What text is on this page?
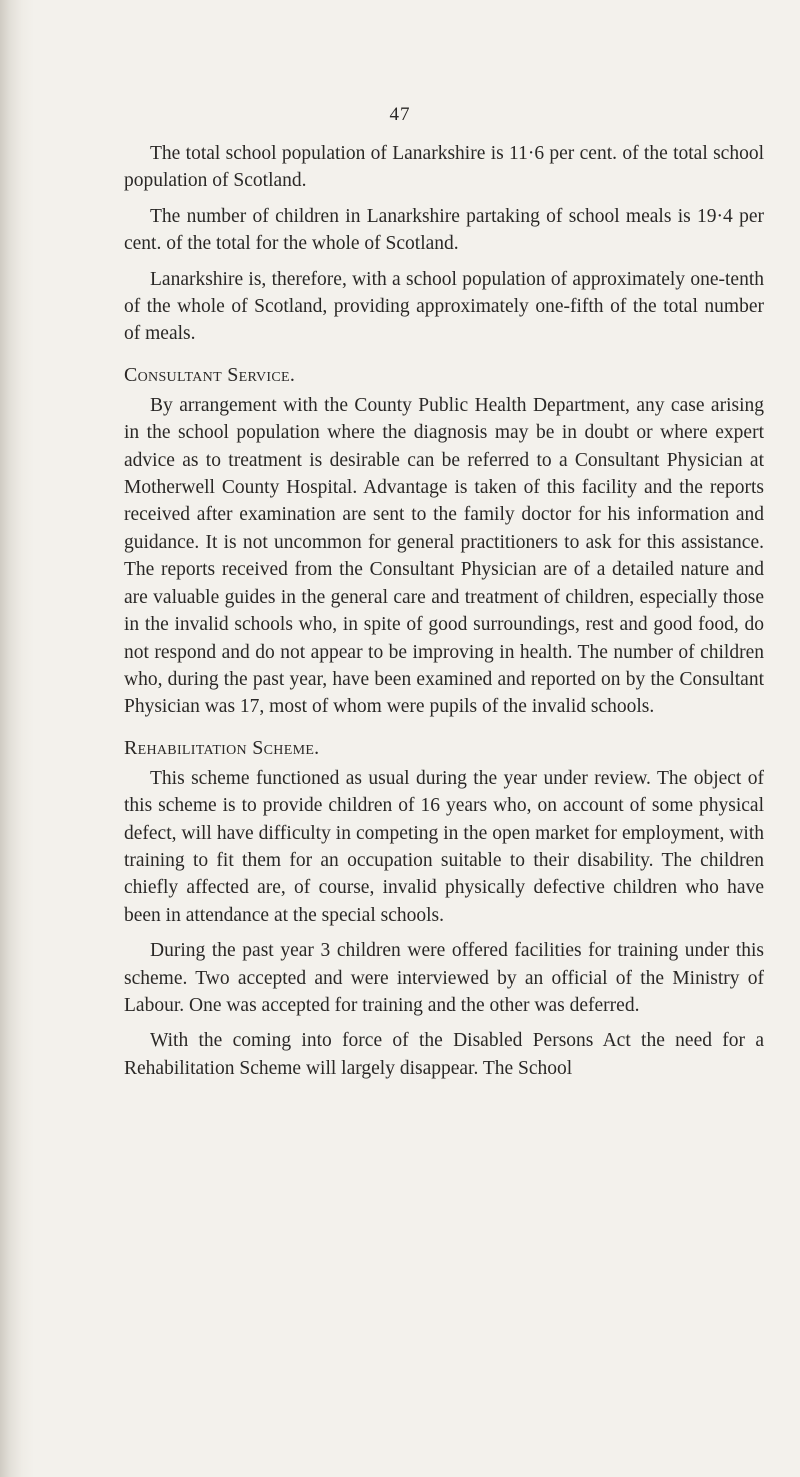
47

The total school population of Lanarkshire is 11·6 per cent. of the total school population of Scotland.

The number of children in Lanarkshire partaking of school meals is 19·4 per cent. of the total for the whole of Scotland.

Lanarkshire is, therefore, with a school population of approximately one-tenth of the whole of Scotland, providing approximately one-fifth of the total number of meals.

Consultant Service.

By arrangement with the County Public Health Department, any case arising in the school population where the diagnosis may be in doubt or where expert advice as to treatment is desirable can be referred to a Consultant Physician at Motherwell County Hospital. Advantage is taken of this facility and the reports received after examination are sent to the family doctor for his information and guidance. It is not uncommon for general practitioners to ask for this assistance. The reports received from the Consultant Physician are of a detailed nature and are valuable guides in the general care and treatment of children, especially those in the invalid schools who, in spite of good surroundings, rest and good food, do not respond and do not appear to be improving in health. The number of children who, during the past year, have been examined and reported on by the Consultant Physician was 17, most of whom were pupils of the invalid schools.

Rehabilitation Scheme.

This scheme functioned as usual during the year under review. The object of this scheme is to provide children of 16 years who, on account of some physical defect, will have difficulty in competing in the open market for employment, with training to fit them for an occupation suitable to their disability. The children chiefly affected are, of course, invalid physically defective children who have been in attendance at the special schools.

During the past year 3 children were offered facilities for training under this scheme. Two accepted and were interviewed by an official of the Ministry of Labour. One was accepted for training and the other was deferred.

With the coming into force of the Disabled Persons Act the need for a Rehabilitation Scheme will largely disappear. The School
